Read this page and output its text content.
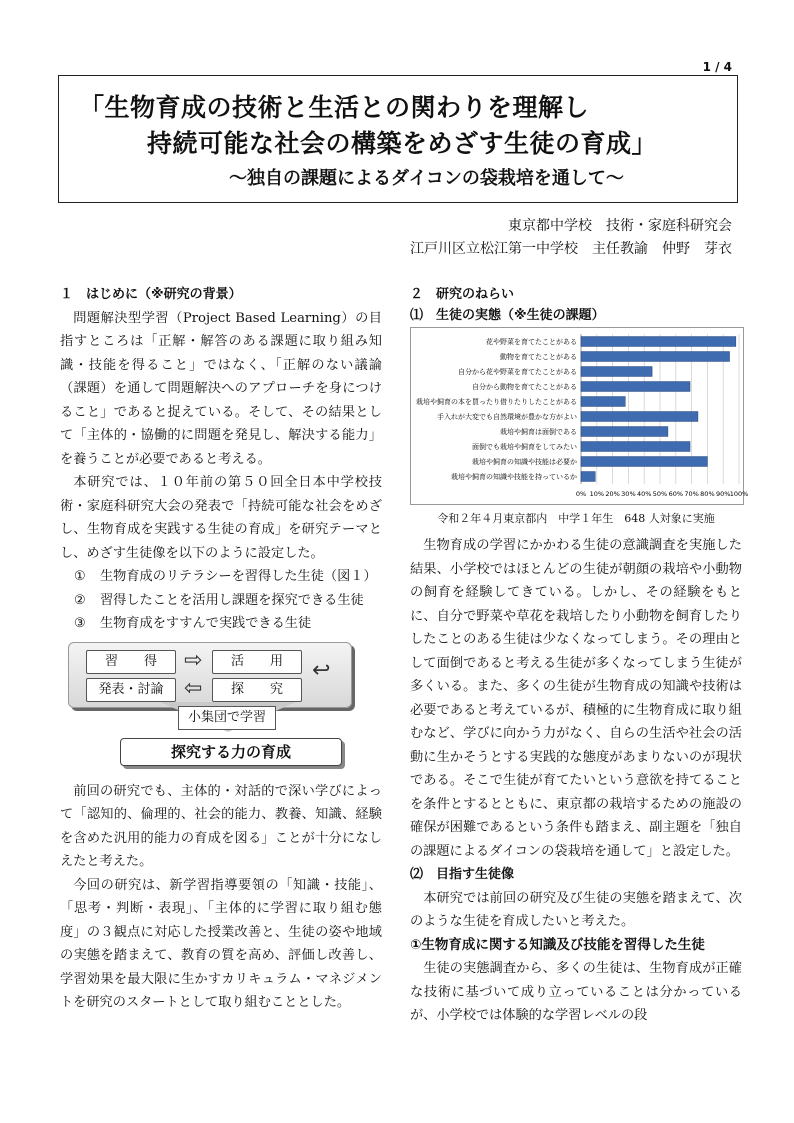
1 / 4
「生物育成の技術と生活との関わりを理解し
持続可能な社会の構築をめざす生徒の育成」
～独自の課題によるダイコンの袋栽培を通して～
東京都中学校　技術・家庭科研究会
江戸川区立松江第一中学校　主任教諭　仲野　芽衣
１　はじめに（※研究の背景）

問題解決型学習（Project Based Learning）の目指すところは「正解・解答のある課題に取り組み知識・技能を得ること」ではなく、「正解のない議論（課題）を通して問題解決へのアプローチを身につけること」であると捉えている。そして、その結果として「主体的・協働的に問題を発見し、解決する能力」を養うことが必要であると考える。

本研究では、１０年前の第５０回全日本中学校技術・家庭科研究大会の発表で「持続可能な社会をめざし、生物育成を実践する生徒の育成」を研究テーマとし、めざす生徒像を以下のように設定した。

① 生物育成のリテラシーを習得した生徒（図１）
② 習得したことを活用し課題を探究できる生徒
③ 生物育成をすすんで実践できる生徒
習　　得	⇨	活　　用	↩
発表・討論 ⇦	探　　究
小集団で学習
探究する力の育成

前回の研究でも、主体的・対話的で深い学びによって「認知的、倫理的、社会的能力、教養、知識、経験を含めた汎用的能力の育成を図る」ことが十分になしえたと考えた。

今回の研究は、新学習指導要領の「知識・技能」、「思考・判断・表現」、「主体的に学習に取り組む態度」の３観点に対応した授業改善と、生徒の姿や地域の実態を踏まえて、教育の質を高め、評価し改善し、学習効果を最大限に生かすカリキュラム・マネジメントを研究のスタートとして取り組むこととした。

２　研究のねらい
⑴　生徒の実態（※生徒の課題）
0% 10% 20% 30% 40% 50% 60% 70% 80% 90% 100%
花や野菜を育てたことがある
動物を育てたことがある
自分から花や野菜を育てたことがある
自分から動物を育てたことがある
栽培や飼育の本を買ったり借りたりしたことがある
手入れが大変でも自然環境が豊かな方がよい
栽培や飼育は面倒である
面倒でも栽培や飼育をしてみたい
栽培や飼育の知識や技能は必要か
栽培や飼育の知識や技能を持っているか
令和２年４月東京都内　中学１年生　648 人対象に実施

生物育成の学習にかかわる生徒の意識調査を実施した結果、小学校ではほとんどの生徒が朝顔の栽培や小動物の飼育を経験してきている。しかし、その経験をもとに、自分で野菜や草花を栽培したり小動物を飼育したりしたことのある生徒は少なくなってしまう。その理由として面倒であると考える生徒が多くなってしまう生徒が多くいる。また、多くの生徒が生物育成の知識や技術は必要であると考えているが、積極的に生物育成に取り組むなど、学びに向かう力がなく、自らの生活や社会の活動に生かそうとする実践的な態度があまりないのが現状である。そこで生徒が育てたいという意欲を持てることを条件とするとともに、東京都の栽培するための施設の確保が困難であるという条件も踏まえ、副主題を「独自の課題によるダイコンの袋栽培を通して」と設定した。

⑵　目指す生徒像

本研究では前回の研究及び生徒の実態を踏まえて、次のような生徒を育成したいと考えた。

①生物育成に関する知識及び技能を習得した生徒

生徒の実態調査から、多くの生徒は、生物育成が正確な技術に基づいて成り立っていることは分かっているが、小学校では体験的な学習レベルの段
